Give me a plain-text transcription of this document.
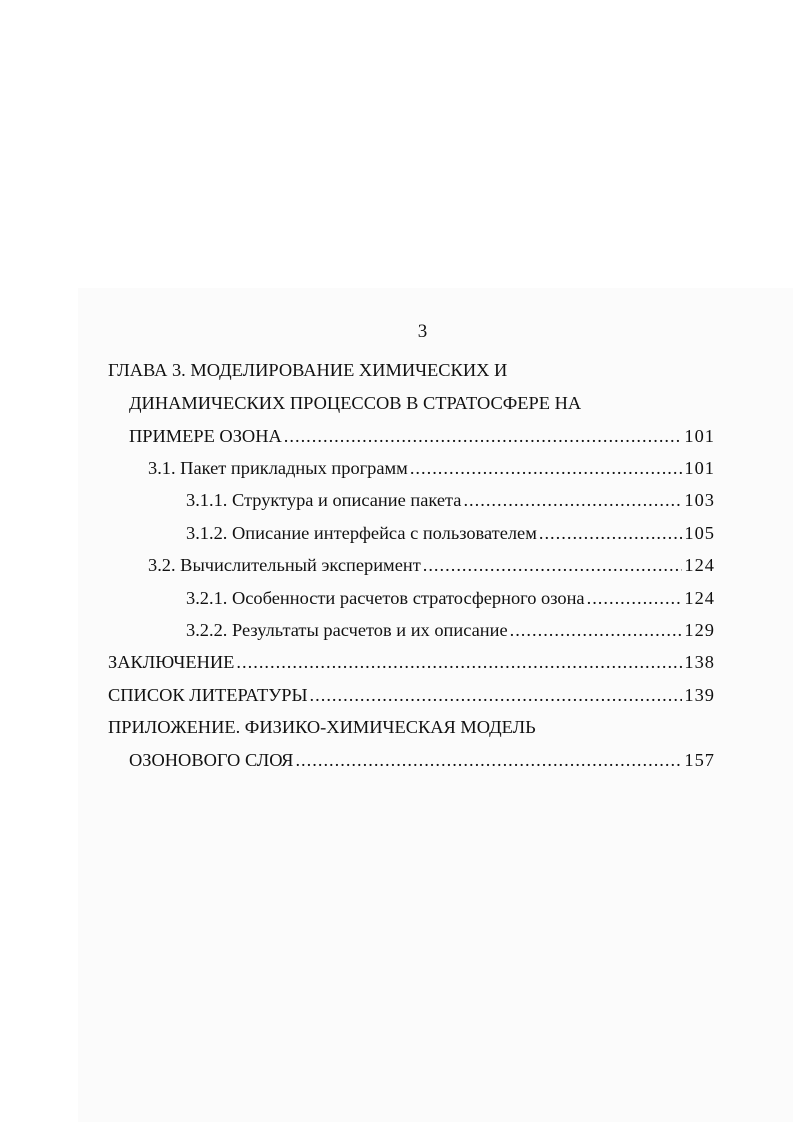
3
ГЛАВА 3. МОДЕЛИРОВАНИЕ ХИМИЧЕСКИХ И
ДИНАМИЧЕСКИХ ПРОЦЕССОВ В СТРАТОСФЕРЕ НА
ПРИМЕРЕ ОЗОНА .....	101
3.1. Пакет прикладных программ .....	101
3.1.1. Структура и описание пакета .....	103
3.1.2. Описание интерфейса с пользователем .....	105
3.2. Вычислительный эксперимент .....	124
3.2.1. Особенности расчетов стратосферного озона .....	124
3.2.2. Результаты расчетов и их описание .....	129
ЗАКЛЮЧЕНИЕ .....	138
СПИСОК ЛИТЕРАТУРЫ .....	139
ПРИЛОЖЕНИЕ. ФИЗИКО-ХИМИЧЕСКАЯ МОДЕЛЬ
ОЗОНОВОГО СЛОЯ .....	157
